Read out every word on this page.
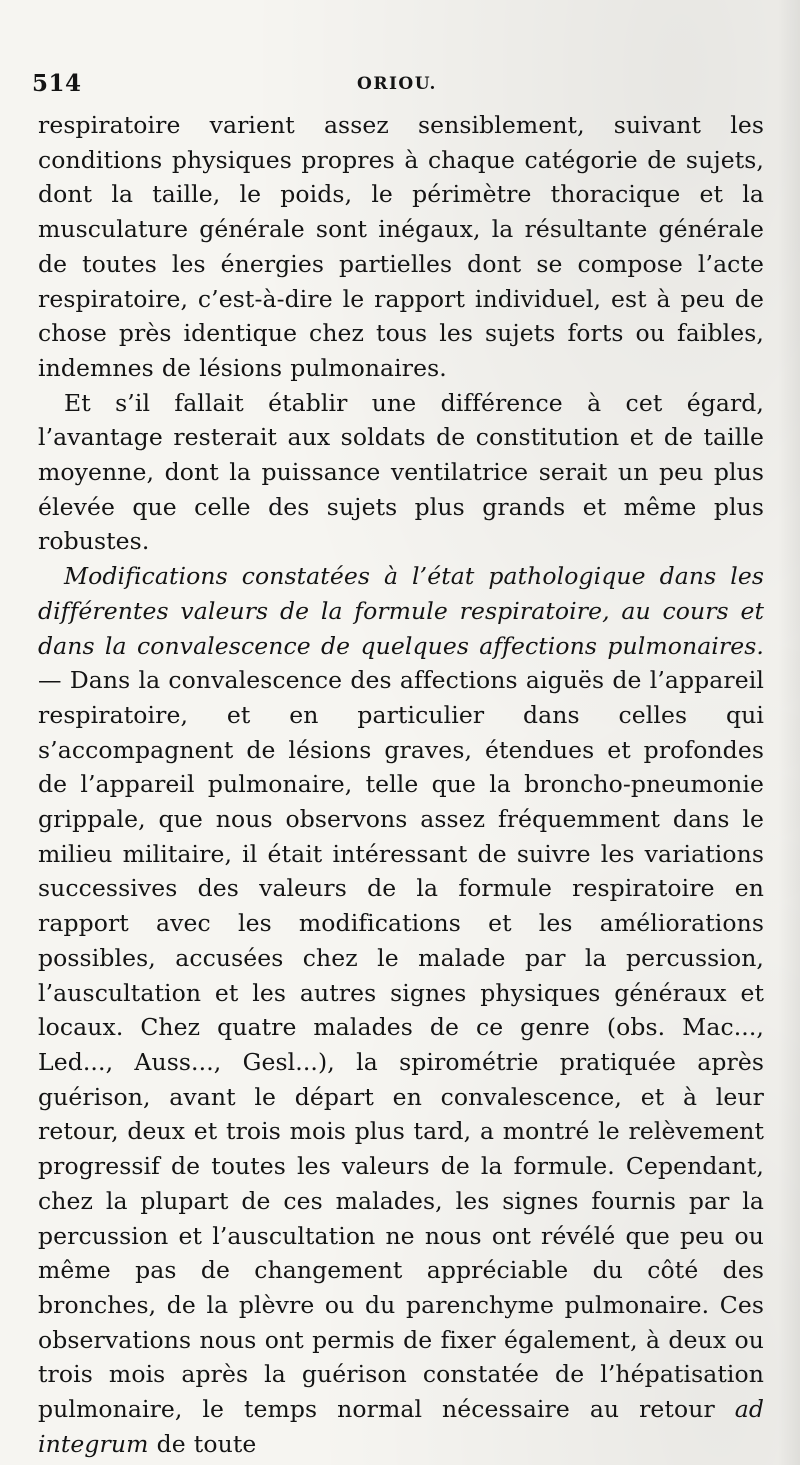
514	ORIOU.

respiratoire varient assez sensiblement, suivant les conditions physiques propres à chaque catégorie de sujets, dont la taille, le poids, le périmètre thoracique et la musculature générale sont inégaux, la résultante générale de toutes les énergies partielles dont se compose l’acte respiratoire, c’est-à-dire le rapport individuel, est à peu de chose près identique chez tous les sujets forts ou faibles, indemnes de lésions pulmonaires.

Et s’il fallait établir une différence à cet égard, l’avantage resterait aux soldats de constitution et de taille moyenne, dont la puissance ventilatrice serait un peu plus élevée que celle des sujets plus grands et même plus robustes.

Modifications constatées à l’état pathologique dans les différentes valeurs de la formule respiratoire, au cours et dans la convalescence de quelques affections pulmonaires. — Dans la convalescence des affections aiguës de l’appareil respiratoire, et en particulier dans celles qui s’accompagnent de lésions graves, étendues et profondes de l’appareil pulmonaire, telle que la broncho-pneumonie grippale, que nous observons assez fréquemment dans le milieu militaire, il était intéressant de suivre les variations successives des valeurs de la formule respiratoire en rapport avec les modifications et les améliorations possibles, accusées chez le malade par la percussion, l’auscultation et les autres signes physiques généraux et locaux. Chez quatre malades de ce genre (obs. Mac..., Led..., Auss..., Gesl...), la spirométrie pratiquée après guérison, avant le départ en convalescence, et à leur retour, deux et trois mois plus tard, a montré le relèvement progressif de toutes les valeurs de la formule. Cependant, chez la plupart de ces malades, les signes fournis par la percussion et l’auscultation ne nous ont révélé que peu ou même pas de changement appréciable du côté des bronches, de la plèvre ou du parenchyme pulmonaire. Ces observations nous ont permis de fixer également, à deux ou trois mois après la guérison constatée de l’hépatisation pulmonaire, le temps normal nécessaire au retour ad integrum de toute
